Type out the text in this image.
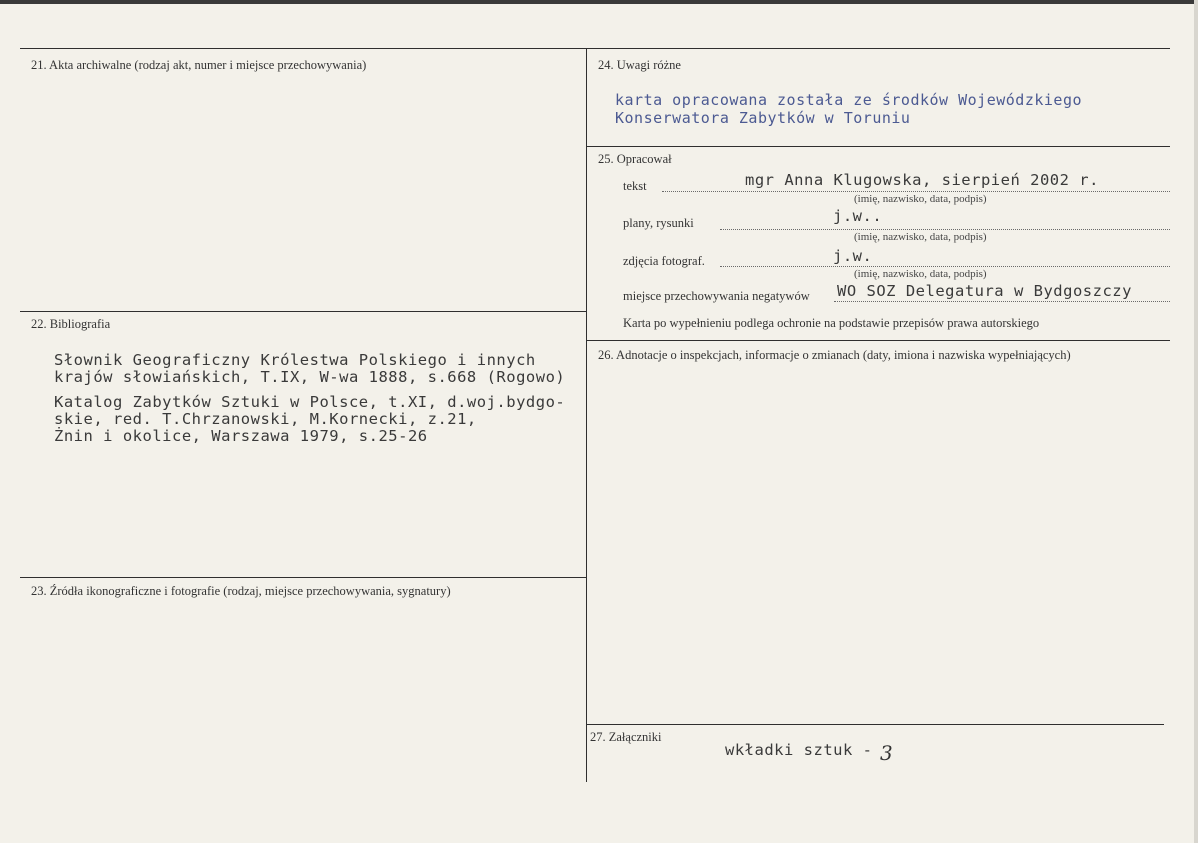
21. Akta archiwalne (rodzaj akt, numer i miejsce przechowywania)
22. Bibliografia
Słownik Geograficzny Królestwa Polskiego i innych
krajów słowiańskich, T.IX, W-wa 1888, s.668 (Rogowo)
Katalog Zabytków Sztuki w Polsce, t.XI, d.woj.bydgo-
skie, red. T.Chrzanowski, M.Kornecki, z.21,
Żnin i okolice, Warszawa 1979, s.25-26
23. Źródła ikonograficzne i fotografie (rodzaj, miejsce przechowywania, sygnatury)
24. Uwagi różne
karta opracowana została ze środków Wojewódzkiego
Konserwatora Zabytków w Toruniu
25. Opracował
tekst	mgr Anna Klugowska, sierpień 2002 r.
(imię, nazwisko, data, podpis)
plany, rysunki	j.w..
(imię, nazwisko, data, podpis)
zdjęcia fotograf.	j.w.
(imię, nazwisko, data, podpis)
miejsce przechowywania negatywów WO SOZ Delegatura w Bydgoszczy
Karta po wypełnieniu podlega ochronie na podstawie przepisów prawa autorskiego
26. Adnotacje o inspekcjach, informacje o zmianach (daty, imiona i nazwiska wypełniających)
27. Załączniki
wkładki sztuk - 3
